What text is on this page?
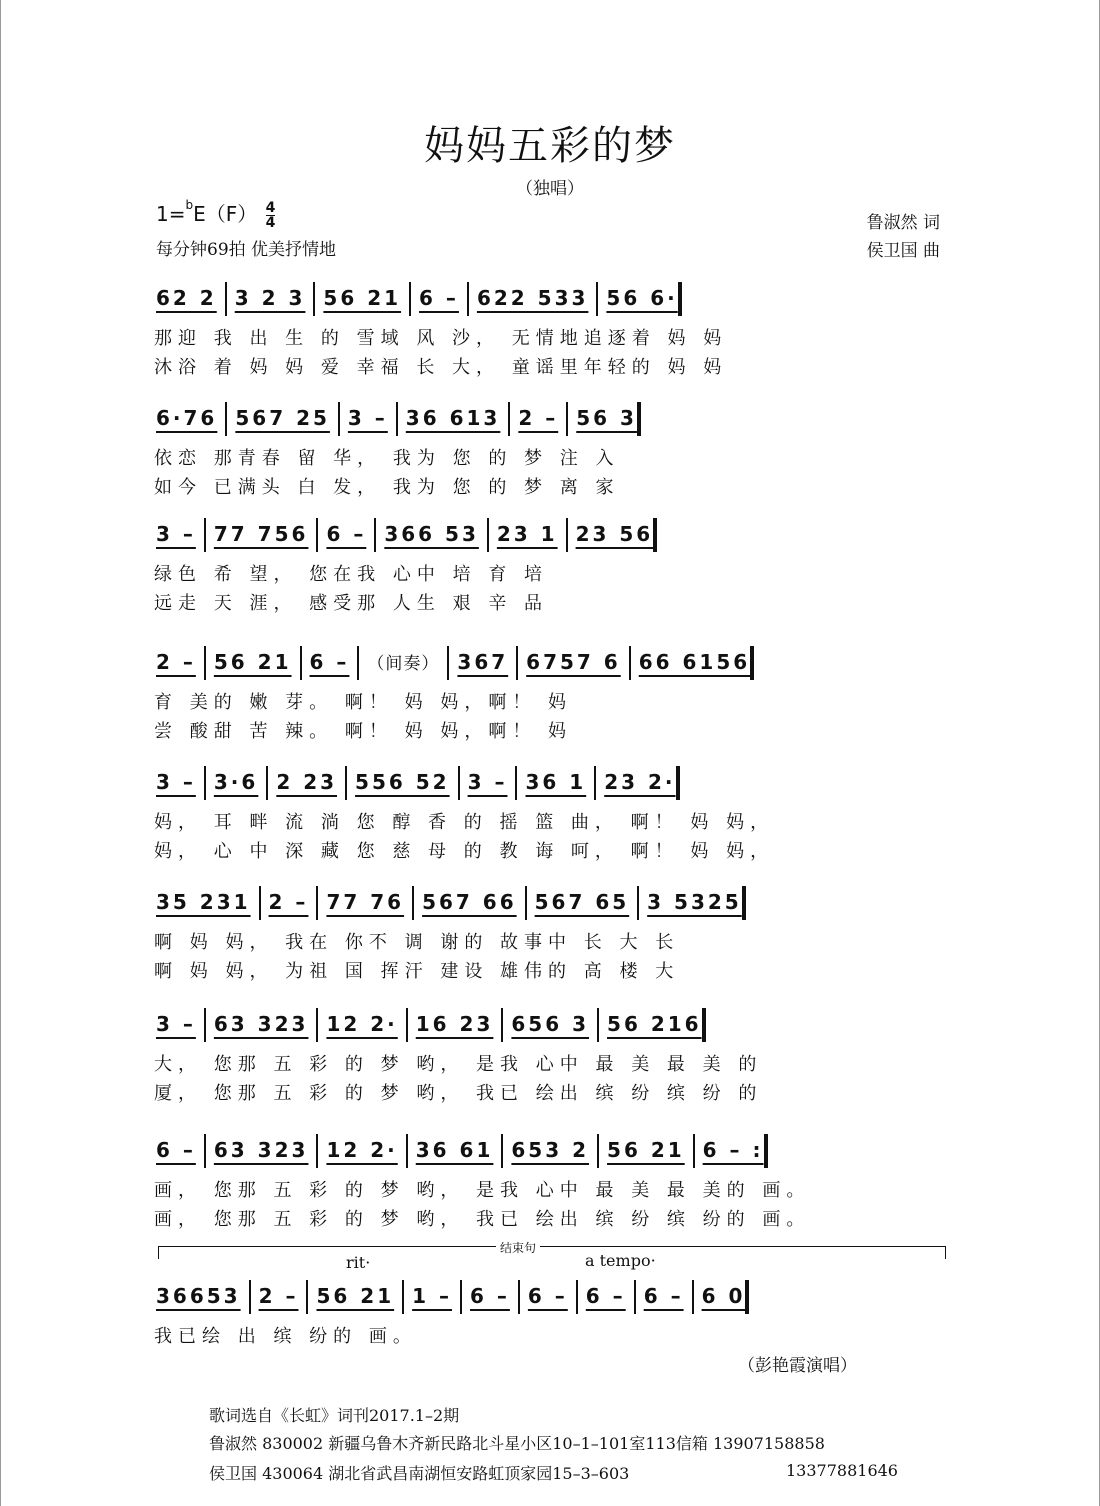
妈妈五彩的梦
（独唱）
$1=^bE(F) \frac{4}{4}$
每分钟69拍 优美抒情地
鲁淑然 词
侯卫国 曲
62 2 3 2 3 56 21 6 – 622 533 56 6·
那迎 我 出 生 的 雪域 风 沙， 无情地追逐着 妈 妈
沐浴 着 妈 妈 爱 幸福 长 大， 童谣里年轻的 妈 妈
6·76 567 25 3 – 36 613 2 – 56 3
依恋 那青春 留 华， 我为 您 的 梦 注 入
如今 已满头 白 发， 我为 您 的 梦 离 家
3 – 77 756 6 – 366 53 23 1 23 56
绿色 希 望， 您在我 心中 培 育 培
远走 天 涯， 感受那 人生 艰 辛 品
2 – 56 21 6 – （间奏） 367 6757 6 66 6156
育 美的 嫩 芽。 啊！ 妈 妈，啊！ 妈
尝 酸甜 苦 辣。 啊！ 妈 妈，啊！ 妈
3 – 3·6 2 23 556 52 3 – 36 1 23 2·
妈， 耳 畔 流 淌 您 醇 香 的 摇 篮 曲， 啊！ 妈 妈，
妈， 心 中 深 藏 您 慈 母 的 教 诲 呵， 啊！ 妈 妈，
35 231 2 – 77 76 567 66 567 65 3 5325
啊 妈 妈， 我在 你不 调 谢的 故事中 长 大 长
啊 妈 妈， 为祖 国 挥汗 建设 雄伟的 高 楼 大
3 – 63 323 12 2· 16 23 656 3 56 216
大， 您那 五 彩 的 梦 哟， 是我 心中 最 美 最 美 的
厦， 您那 五 彩 的 梦 哟， 我已 绘出 缤 纷 缤 纷 的
6 – 63 323 12 2· 36 61 653 2 56 21 6 – :
画， 您那 五 彩 的 梦 哟， 是我 心中 最 美 最 美的 画。
画， 您那 五 彩 的 梦 哟， 我已 绘出 缤 纷 缤 纷的 画。
36653 2 – 56 21 1 – 6 – 6 – 6 – 6 – 6 0
我已绘 出 缤 纷的 画。
结束句
rit·	a tempo·
（彭艳霞演唱）
歌词选自《长虹》词刊2017.1–2期
鲁淑然 830002 新疆乌鲁木齐新民路北斗星小区10–1–101室113信箱 13907158858
侯卫国 430064 湖北省武昌南湖恒安路虹顶家园15–3–603	13377881646
